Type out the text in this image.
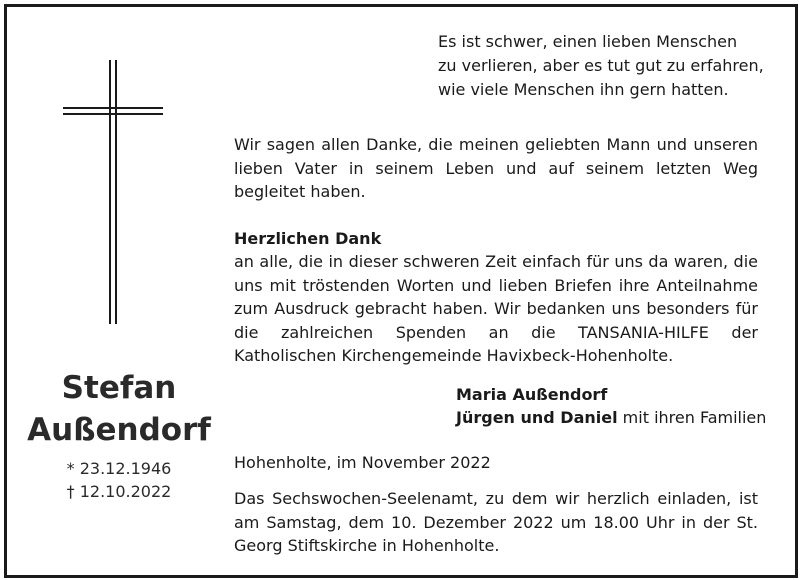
Stefan
Außendorf
* 23.12.1946
† 12.10.2022
Es ist schwer, einen lieben Menschen
zu verlieren, aber es tut gut zu erfahren,
wie viele Menschen ihn gern hatten.
Wir sagen allen Danke, die meinen geliebten Mann und unseren lieben Vater in seinem Leben und auf seinem letzten Weg begleitet haben.
Herzlichen Dank
an alle, die in dieser schweren Zeit einfach für uns da waren, die uns mit tröstenden Worten und lieben Briefen ihre Anteilnahme zum Ausdruck gebracht haben. Wir bedanken uns besonders für die zahlreichen Spenden an die TANSANIA-HILFE der Katholischen Kirchengemeinde Havixbeck-Hohenholte.
Maria Außendorf
Jürgen und Daniel mit ihren Familien
Hohenholte, im November 2022
Das Sechswochen-Seelenamt, zu dem wir herzlich einladen, ist am Samstag, dem 10. Dezember 2022 um 18.00 Uhr in der St. Georg Stiftskirche in Hohenholte.
